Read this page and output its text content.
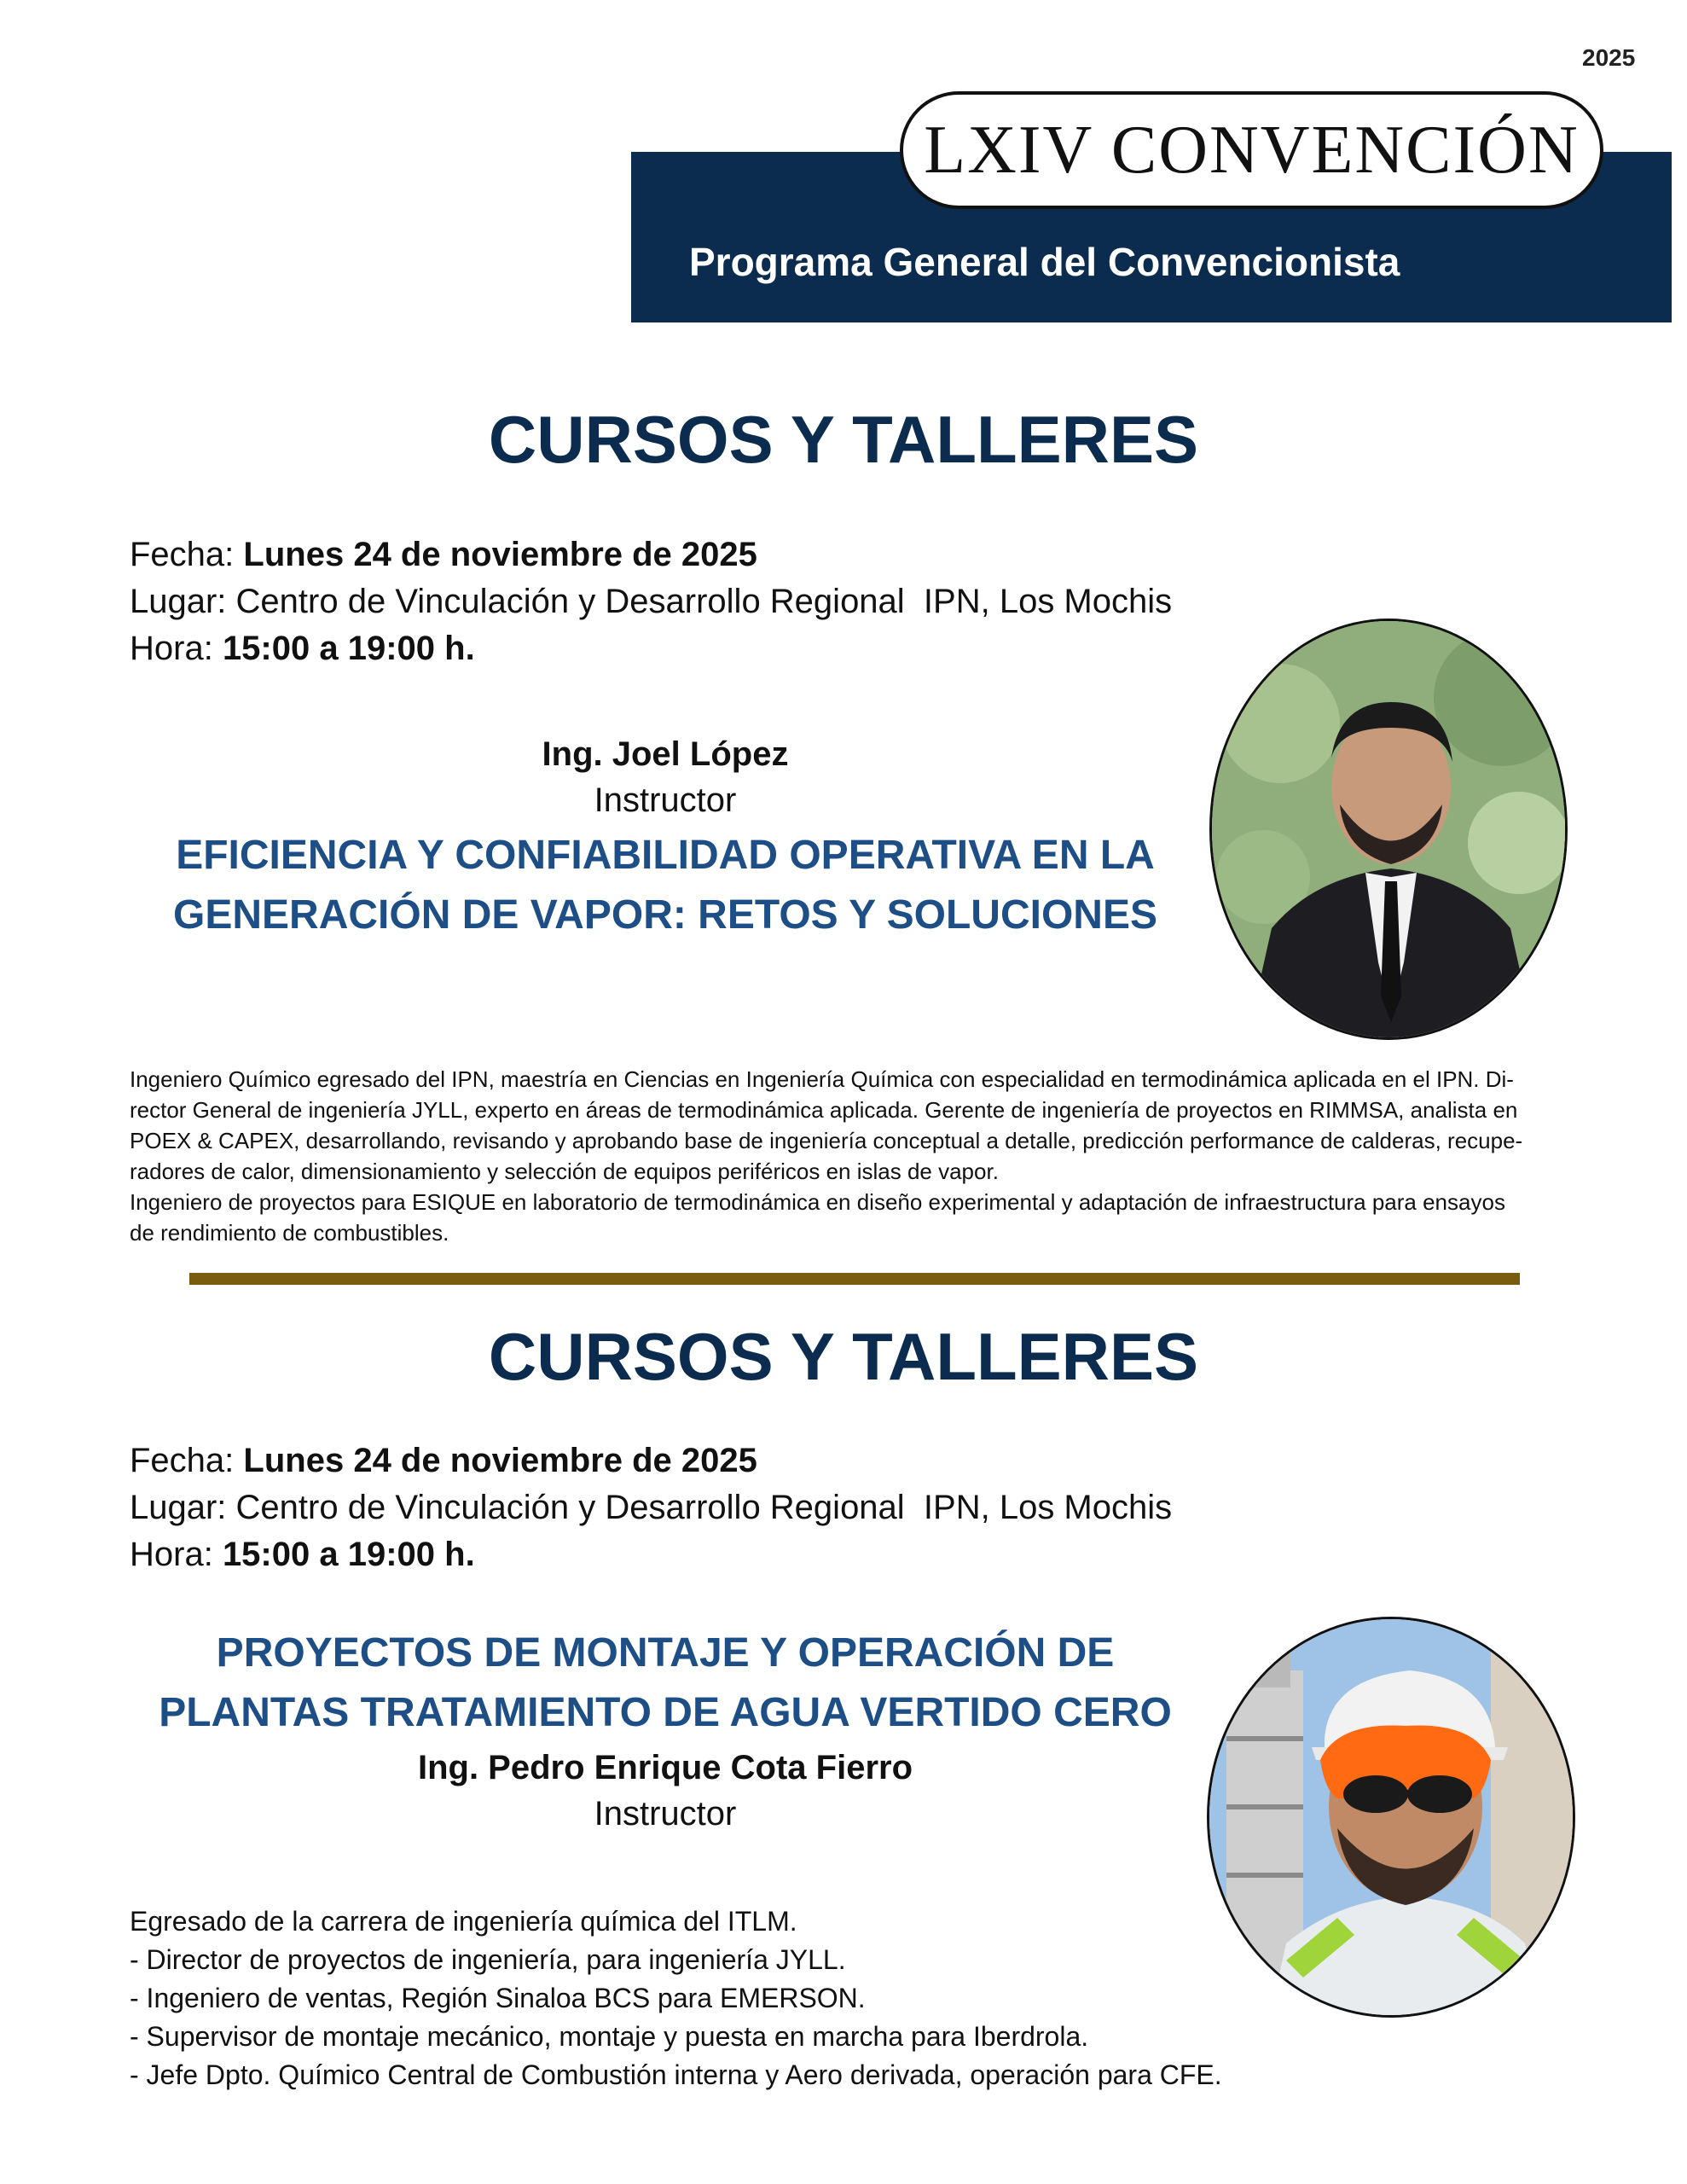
2025
LXIV CONVENCIÓN
Programa General del Convencionista
CURSOS Y TALLERES
Fecha: Lunes 24 de noviembre de 2025
Lugar: Centro de Vinculación y Desarrollo Regional  IPN, Los Mochis
Hora: 15:00 a 19:00 h.
Ing. Joel López
Instructor
EFICIENCIA Y CONFIABILIDAD OPERATIVA EN LA
GENERACIÓN DE VAPOR: RETOS Y SOLUCIONES
Ingeniero Químico egresado del IPN, maestría en Ciencias en Ingeniería Química con especialidad en termodinámica aplicada en el IPN. Di-
rector General de ingeniería JYLL, experto en áreas de termodinámica aplicada. Gerente de ingeniería de proyectos en RIMMSA, analista en
POEX & CAPEX, desarrollando, revisando y aprobando base de ingeniería conceptual a detalle, predicción performance de calderas, recupe-
radores de calor, dimensionamiento y selección de equipos periféricos en islas de vapor.
Ingeniero de proyectos para ESIQUE en laboratorio de termodinámica en diseño experimental y adaptación de infraestructura para ensayos
de rendimiento de combustibles.
CURSOS Y TALLERES
Fecha: Lunes 24 de noviembre de 2025
Lugar: Centro de Vinculación y Desarrollo Regional  IPN, Los Mochis
Hora: 15:00 a 19:00 h.
PROYECTOS DE MONTAJE Y OPERACIÓN DE
PLANTAS TRATAMIENTO DE AGUA VERTIDO CERO
Ing. Pedro Enrique Cota Fierro
Instructor
Egresado de la carrera de ingeniería química del ITLM.
- Director de proyectos de ingeniería, para ingeniería JYLL.
- Ingeniero de ventas, Región Sinaloa BCS para EMERSON.
- Supervisor de montaje mecánico, montaje y puesta en marcha para Iberdrola.
- Jefe Dpto. Químico Central de Combustión interna y Aero derivada, operación para CFE.
